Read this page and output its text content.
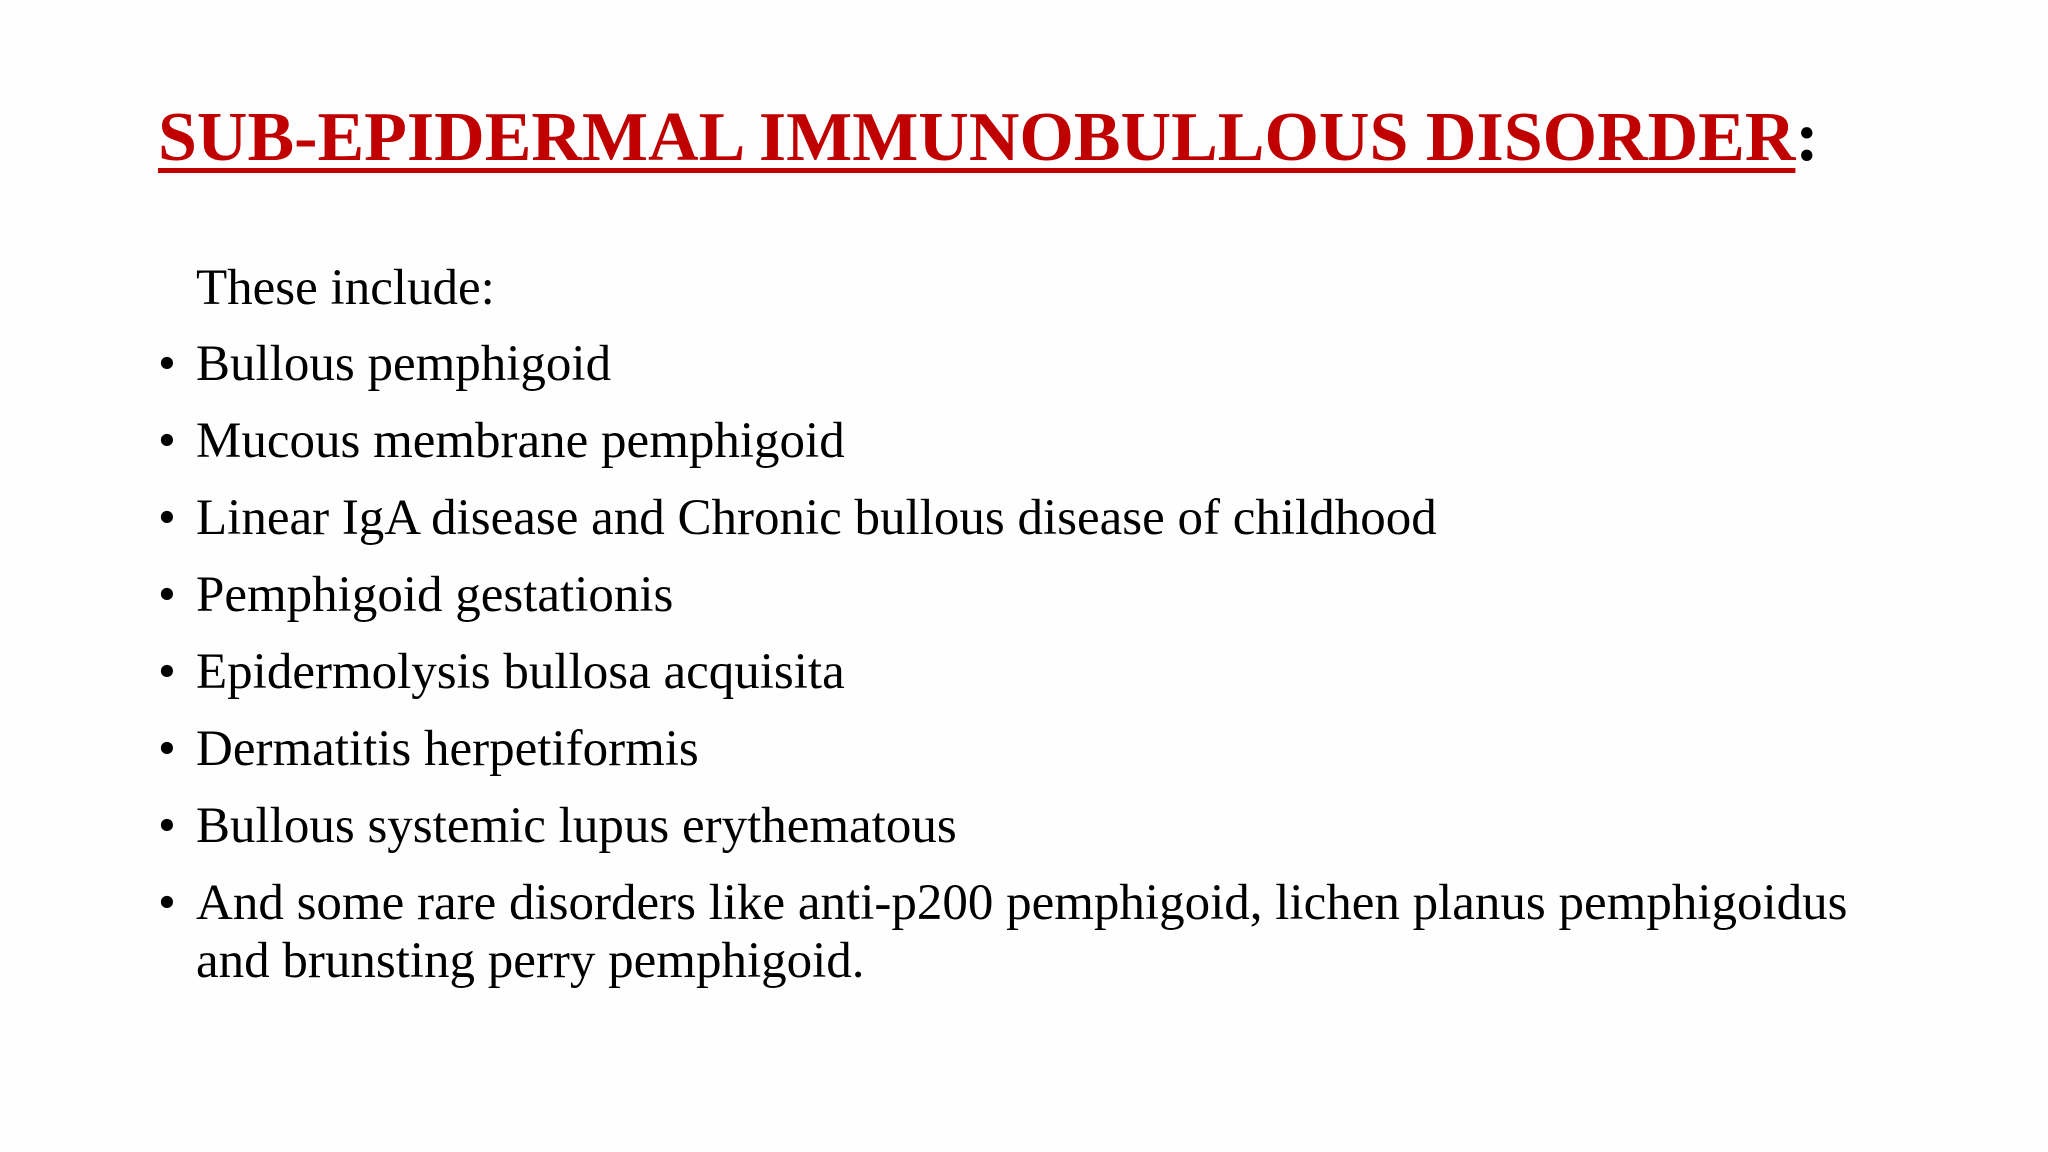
SUB-EPIDERMAL IMMUNOBULLOUS DISORDER:

These include:

• Bullous pemphigoid
• Mucous membrane pemphigoid
• Linear IgA disease and Chronic bullous disease of childhood
• Pemphigoid gestationis
• Epidermolysis bullosa acquisita
• Dermatitis herpetiformis
• Bullous systemic lupus erythematous
• And some rare disorders like anti-p200 pemphigoid, lichen planus pemphigoidus and brunsting perry pemphigoid.
